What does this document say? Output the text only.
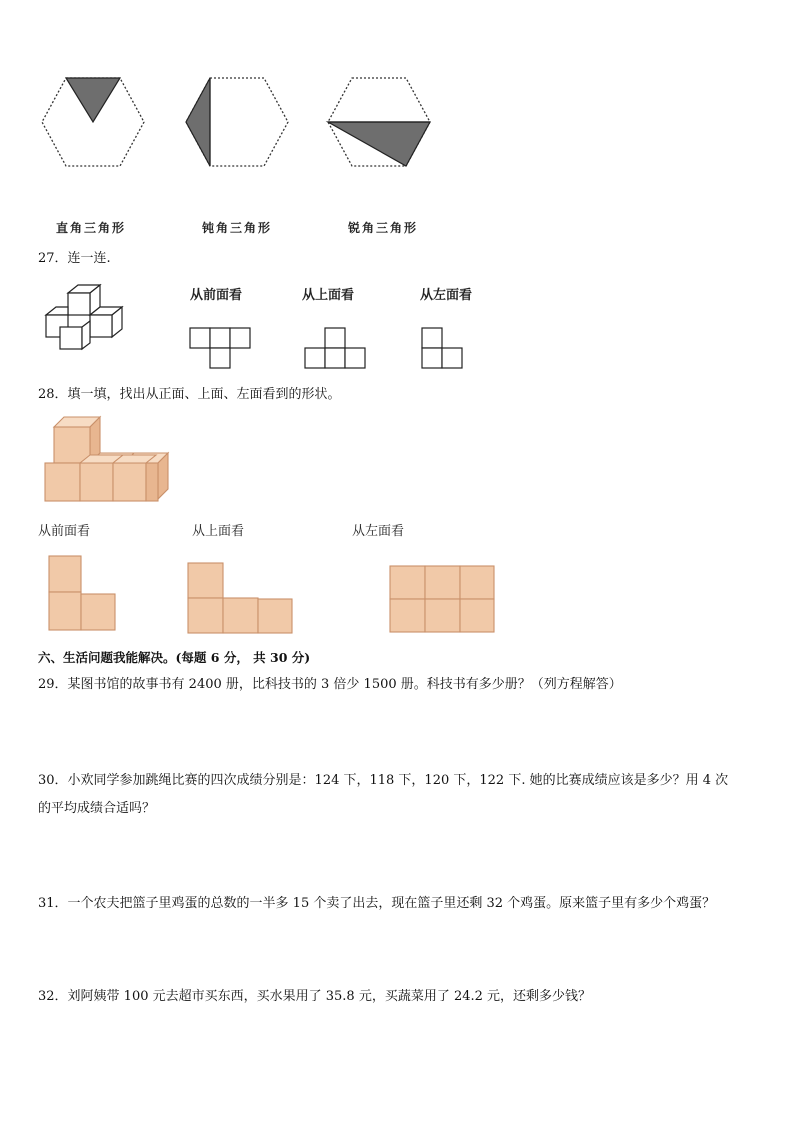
直角三角形	钝角三角形	锐角三角形
27．连一连.
从前面看	从上面看	从左面看
28．填一填，找出从正面、上面、左面看到的形状。
从前面看	从上面看	从左面看
六、生活问题我能解决。(每题 6 分， 共 30 分)
29．某图书馆的故事书有 2400 册，比科技书的 3 倍少 1500 册。科技书有多少册？（列方程解答）
30．小欢同学参加跳绳比赛的四次成绩分别是：124 下，118 下，120 下，122 下. 她的比赛成绩应该是多少？用 4 次
的平均成绩合适吗？
31．一个农夫把篮子里鸡蛋的总数的一半多 15 个卖了出去，现在篮子里还剩 32 个鸡蛋。原来篮子里有多少个鸡蛋？
32．刘阿姨带 100 元去超市买东西，买水果用了 35.8 元，买蔬菜用了 24.2 元，还剩多少钱？
